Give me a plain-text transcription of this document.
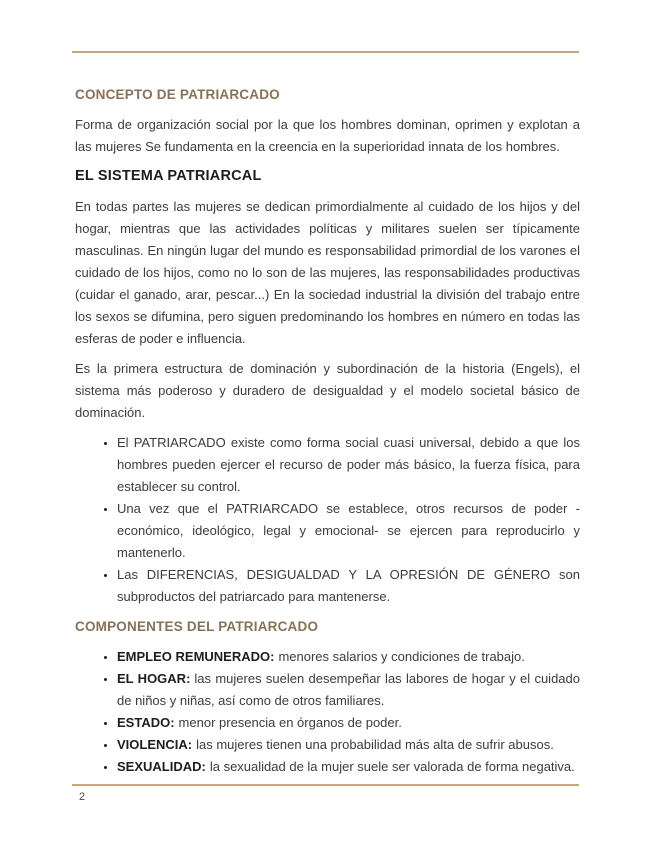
CONCEPTO DE PATRIARCADO

Forma de organización social por la que los hombres dominan, oprimen y explotan a las mujeres Se fundamenta en la creencia en la superioridad innata de los hombres.

EL SISTEMA PATRIARCAL

En todas partes las mujeres se dedican primordialmente al cuidado de los hijos y del hogar, mientras que las actividades políticas y militares suelen ser típicamente masculinas. En ningún lugar del mundo es responsabilidad primordial de los varones el cuidado de los hijos, como no lo son de las mujeres, las responsabilidades productivas (cuidar el ganado, arar, pescar...) En la sociedad industrial la división del trabajo entre los sexos se difumina, pero siguen predominando los hombres en número en todas las esferas de poder e influencia.

Es la primera estructura de dominación y subordinación de la historia (Engels), el sistema más poderoso y duradero de desigualdad y el modelo societal básico de dominación.

• El PATRIARCADO existe como forma social cuasi universal, debido a que los hombres pueden ejercer el recurso de poder más básico, la fuerza física, para establecer su control.
• Una vez que el PATRIARCADO se establece, otros recursos de poder -económico, ideológico, legal y emocional- se ejercen para reproducirlo y mantenerlo.
• Las DIFERENCIAS, DESIGUALDAD Y LA OPRESIÓN DE GÉNERO son subproductos del patriarcado para mantenerse.
COMPONENTES DEL PATRIARCADO
• EMPLEO REMUNERADO: menores salarios y condiciones de trabajo.
• EL HOGAR: las mujeres suelen desempeñar las labores de hogar y el cuidado de niños y niñas, así como de otros familiares.
• ESTADO: menor presencia en órganos de poder.
• VIOLENCIA: las mujeres tienen una probabilidad más alta de sufrir abusos.
• SEXUALIDAD: la sexualidad de la mujer suele ser valorada de forma negativa.
2
